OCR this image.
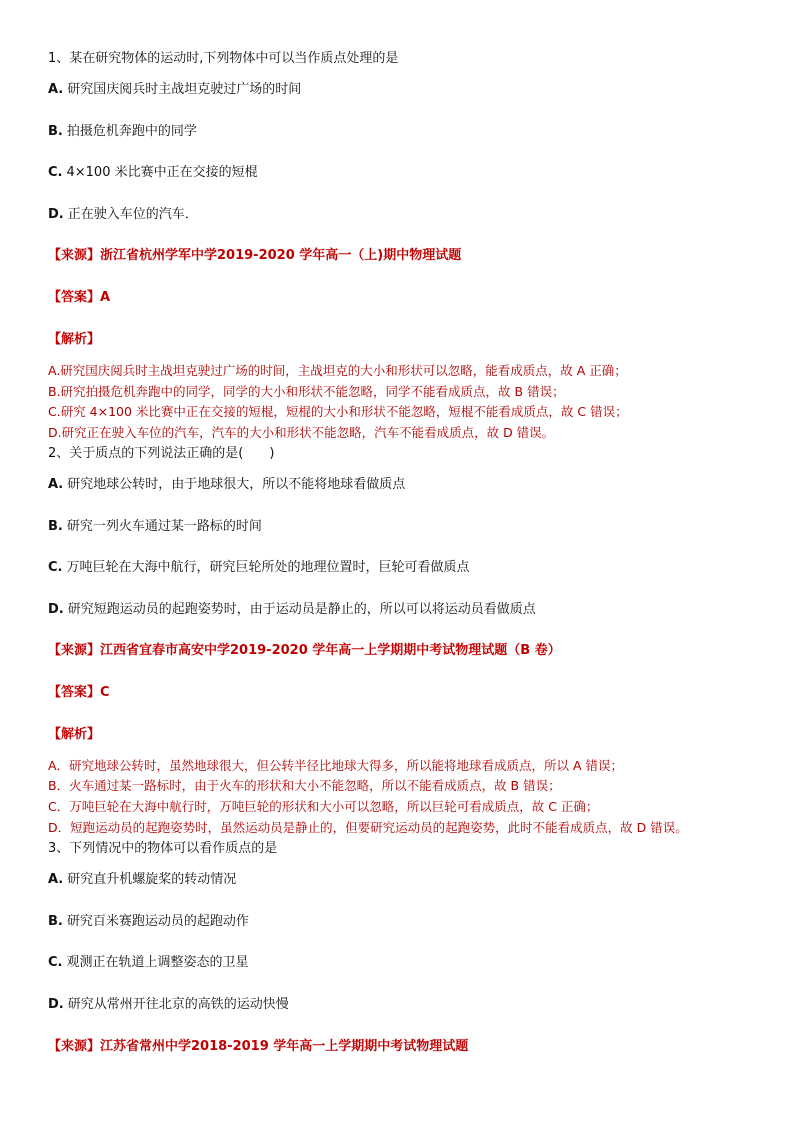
1、某在研究物体的运动时,下列物体中可以当作质点处理的是
A. 研究国庆阅兵时主战坦克驶过广场的时间
B. 拍摄危机奔跑中的同学
C. 4×100 米比赛中正在交接的短棍
D. 正在驶入车位的汽车．
【来源】浙江省杭州学军中学2019-2020 学年高一（上)期中物理试题
【答案】A
【解析】
A.研究国庆阅兵时主战坦克驶过广场的时间，主战坦克的大小和形状可以忽略，能看成质点，故 A 正确；
B.研究拍摄危机奔跑中的同学，同学的大小和形状不能忽略，同学不能看成质点，故 B 错误；
C.研究 4×100 米比赛中正在交接的短棍，短棍的大小和形状不能忽略，短棍不能看成质点，故 C 错误；
D.研究正在驶入车位的汽车，汽车的大小和形状不能忽略，汽车不能看成质点，故 D 错误。
2、关于质点的下列说法正确的是(　　)
A. 研究地球公转时，由于地球很大，所以不能将地球看做质点
B. 研究一列火车通过某一路标的时间
C. 万吨巨轮在大海中航行，研究巨轮所处的地理位置时，巨轮可看做质点
D. 研究短跑运动员的起跑姿势时，由于运动员是静止的，所以可以将运动员看做质点
【来源】江西省宜春市高安中学2019-2020 学年高一上学期期中考试物理试题（B 卷）
【答案】C
【解析】
A．研究地球公转时，虽然地球很大，但公转半径比地球大得多，所以能将地球看成质点，所以 A 错误；
B．火车通过某一路标时，由于火车的形状和大小不能忽略，所以不能看成质点，故 B 错误；
C．万吨巨轮在大海中航行时，万吨巨轮的形状和大小可以忽略，所以巨轮可看成质点，故 C 正确；
D．短跑运动员的起跑姿势时，虽然运动员是静止的，但要研究运动员的起跑姿势，此时不能看成质点，故 D 错误。
3、下列情况中的物体可以看作质点的是
A. 研究直升机螺旋桨的转动情况
B. 研究百米赛跑运动员的起跑动作
C. 观测正在轨道上调整姿态的卫星
D. 研究从常州开往北京的高铁的运动快慢
【来源】江苏省常州中学2018-2019 学年高一上学期期中考试物理试题
